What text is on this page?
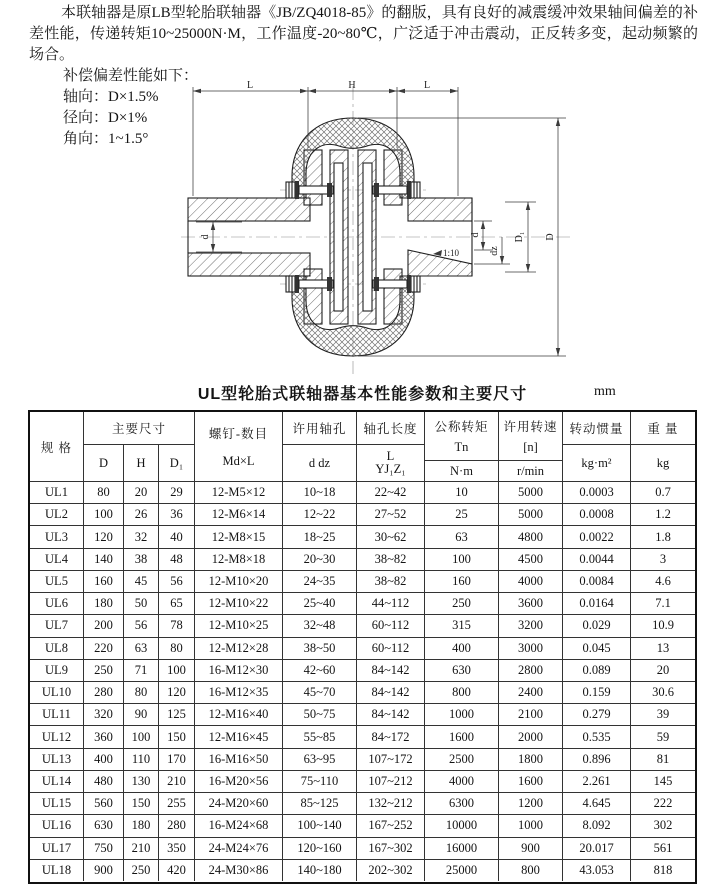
本联轴器是原LB型轮胎联轴器《JB/ZQ4018-85》的翻版，具有良好的减震缓冲效果轴间偏差的补差性能，传递转矩10~25000N·M，工作温度-20~80℃，广泛适于冲击震动，正反转多变，起动频繁的场合。

补偿偏差性能如下：
轴向：D×1.5%
径向：D×1%
角向：1~1.5°
L	H	L
D
D₁
d
dz
d
1:10
UL型轮胎式联轴器基本性能参数和主要尺寸	mm
规 格
主要尺寸
D H D₁
螺钉-数目
Md×L
许用轴孔
d dz
轴孔长度
L
YJ₁Z₁
公称转矩
Tn
N·m
许用转速
[n]
r/min
转动惯量
kg·m²
重 量
kg
UL1	80	20	29	12-M5×12	10~18	22~42	10	5000	0.0003	0.7
UL2	100	26	36	12-M6×14	12~22	27~52	25	5000	0.0008	1.2
UL3	120	32	40	12-M8×15	18~25	30~62	63	4800	0.0022	1.8
UL4	140	38	48	12-M8×18	20~30	38~82	100	4500	0.0044	3
UL5	160	45	56	12-M10×20	24~35	38~82	160	4000	0.0084	4.6
UL6	180	50	65	12-M10×22	25~40	44~112	250	3600	0.0164	7.1
UL7	200	56	78	12-M10×25	32~48	60~112	315	3200	0.029	10.9
UL8	220	63	80	12-M12×28	38~50	60~112	400	3000	0.045	13
UL9	250	71	100	16-M12×30	42~60	84~142	630	2800	0.089	20
UL10	280	80	120	16-M12×35	45~70	84~142	800	2400	0.159	30.6
UL11	320	90	125	12-M16×40	50~75	84~142	1000	2100	0.279	39
UL12	360	100	150	12-M16×45	55~85	84~172	1600	2000	0.535	59
UL13	400	110	170	16-M16×50	63~95	107~172	2500	1800	0.896	81
UL14	480	130	210	16-M20×56	75~110	107~212	4000	1600	2.261	145
UL15	560	150	255	24-M20×60	85~125	132~212	6300	1200	4.645	222
UL16	630	180	280	16-M24×68	100~140	167~252	10000	1000	8.092	302
UL17	750	210	350	24-M24×76	120~160	167~302	16000	900	20.017	561
UL18	900	250	420	24-M30×86	140~180	202~302	25000	800	43.053	818
